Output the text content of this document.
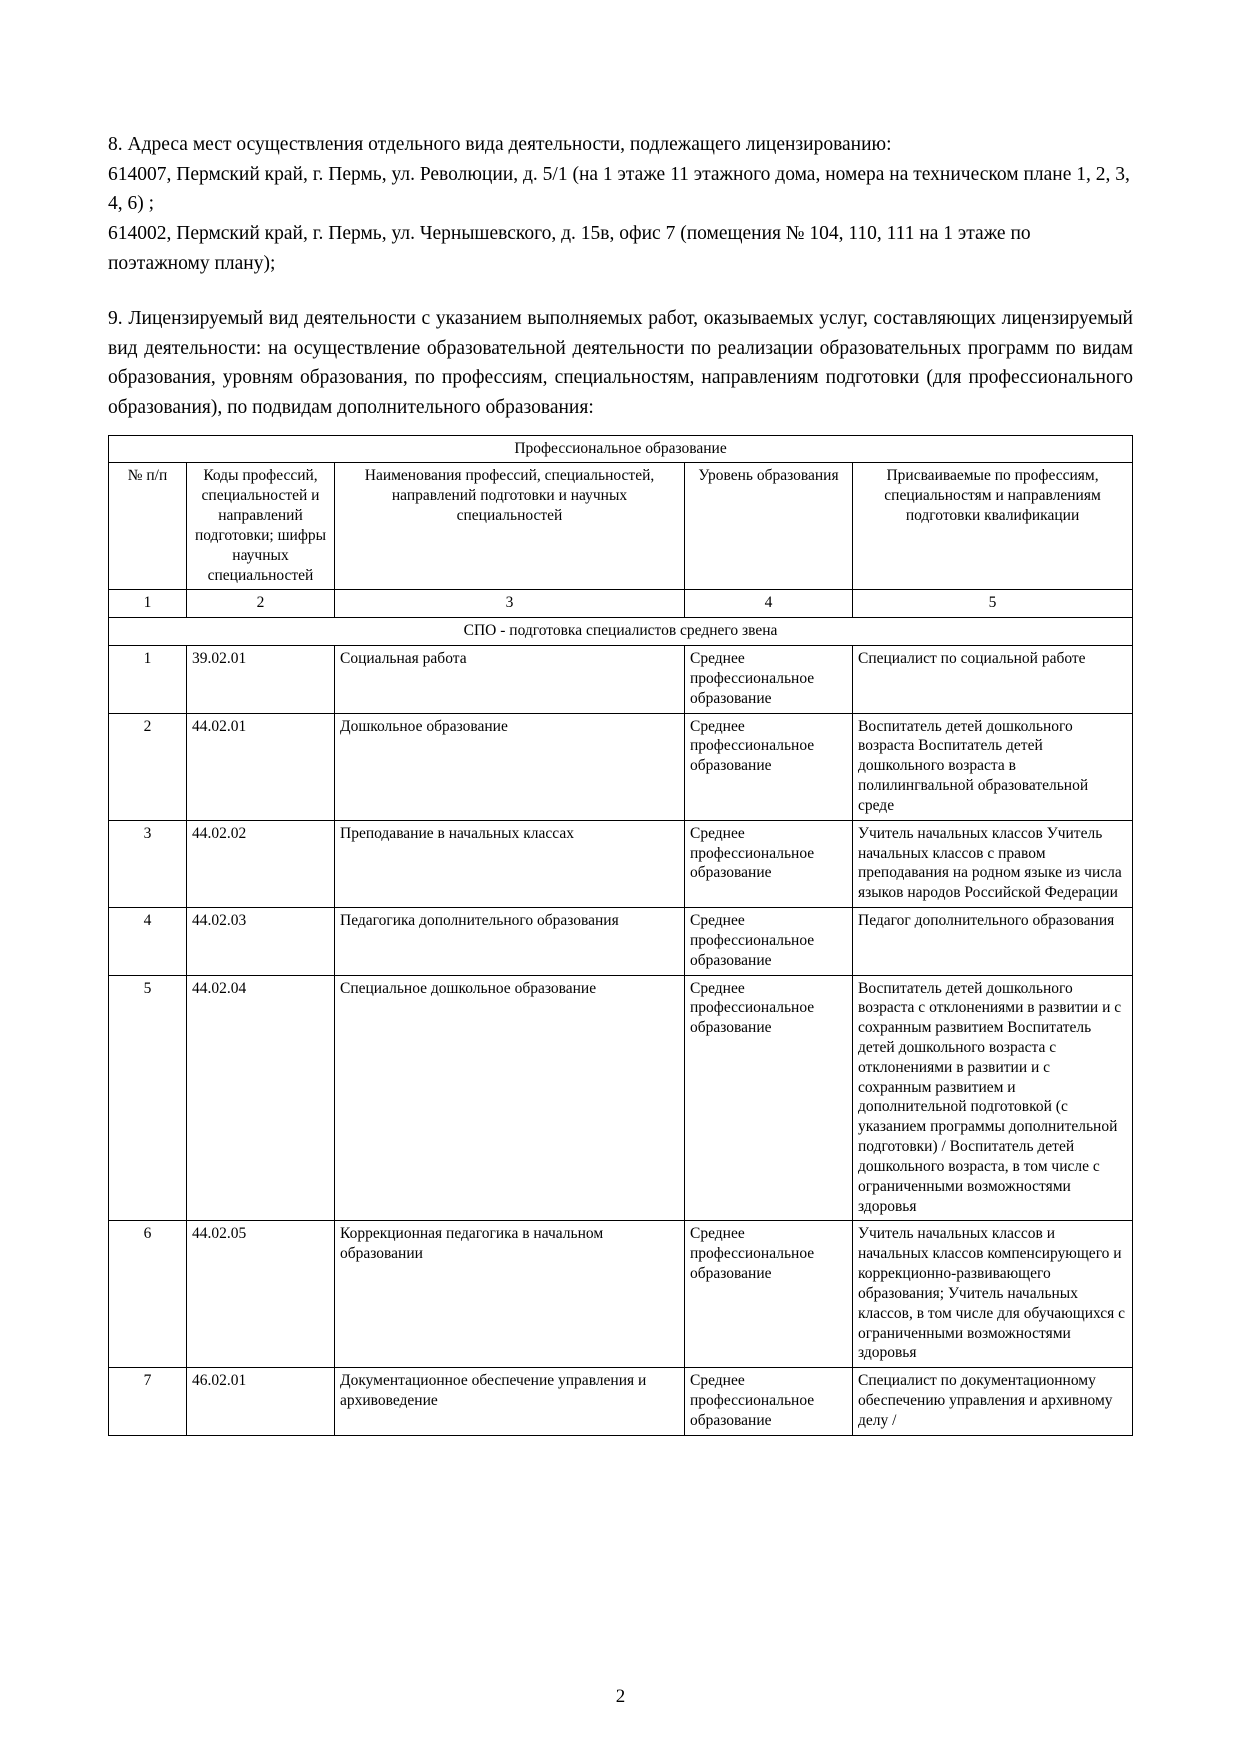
8. Адреса мест осуществления отдельного вида деятельности, подлежащего лицензированию:
614007, Пермский край, г. Пермь, ул. Революции, д. 5/1 (на 1 этаже 11 этажного дома, номера на техническом плане 1, 2, 3, 4, 6) ;
614002, Пермский край, г. Пермь, ул. Чернышевского, д. 15в, офис 7 (помещения № 104, 110, 111 на 1 этаже по поэтажному плану);
9. Лицензируемый вид деятельности с указанием выполняемых работ, оказываемых услуг, составляющих лицензируемый вид деятельности: на осуществление образовательной деятельности по реализации образовательных программ по видам образования, уровням образования, по профессиям, специальностям, направлениям подготовки (для профессионального образования), по подвидам дополнительного образования:
Профессиональное образование				
№ п/п	Коды профессий, специальностей и направлений подготовки; шифры научных специальностей	Наименования профессий, специальностей, направлений подготовки и научных специальностей	Уровень образования	Присваиваемые по профессиям, специальностям и направлениям подготовки квалификации
1	2	3	4	5
СПО - подготовка специалистов среднего звена				
1	39.02.01	Социальная работа	Среднее профессиональное образование	Специалист по социальной работе
2	44.02.01	Дошкольное образование	Среднее профессиональное образование	Воспитатель детей дошкольного возраста Воспитатель детей дошкольного возраста в полилингвальной образовательной среде
3	44.02.02	Преподавание в начальных классах	Среднее профессиональное образование	Учитель начальных классов Учитель начальных классов с правом преподавания на родном языке из числа языков народов Российской Федерации
4	44.02.03	Педагогика дополнительного образования	Среднее профессиональное образование	Педагог дополнительного образования
5	44.02.04	Специальное дошкольное образование	Среднее профессиональное образование	Воспитатель детей дошкольного возраста с отклонениями в развитии и с сохранным развитием Воспитатель детей дошкольного возраста с отклонениями в развитии и с сохранным развитием и дополнительной подготовкой (с указанием программы дополнительной подготовки) / Воспитатель детей дошкольного возраста, в том числе с ограниченными возможностями здоровья
6	44.02.05	Коррекционная педагогика в начальном образовании	Среднее профессиональное образование	Учитель начальных классов и начальных классов компенсирующего и коррекционно-развивающего образования; Учитель начальных классов, в том числе для обучающихся с ограниченными возможностями здоровья
7	46.02.01	Документационное обеспечение управления и архивоведение	Среднее профессиональное образование	Специалист по документационному обеспечению управления и архивному делу /
2
